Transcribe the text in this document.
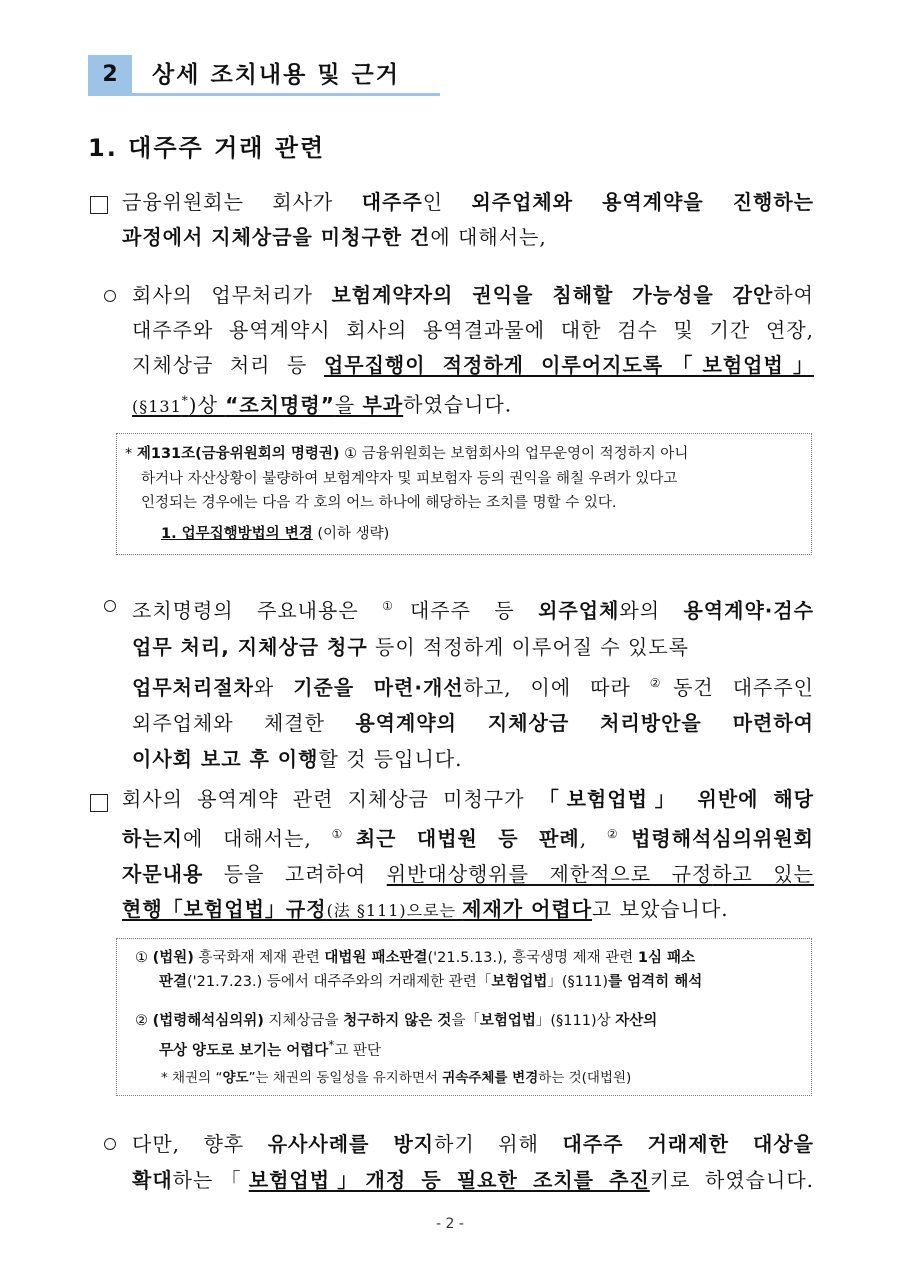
2	상세 조치내용 및 근거
1. 대주주 거래 관련
금융위원회는 회사가 대주주인 외주업체와 용역계약을 진행하는
과정에서 지체상금을 미청구한 건에 대해서는,
회사의 업무처리가 보험계약자의 권익을 침해할 가능성을 감안하여
대주주와 용역계약시 회사의 용역결과물에 대한 검수 및 기간 연장,
지체상금 처리 등 업무집행이 적정하게 이루어지도록「보험업법」
(§131*)상 “조치명령”을 부과하였습니다.
* 제131조(금융위원회의 명령권) ① 금융위원회는 보험회사의 업무운영이 적정하지 아니
하거나 자산상황이 불량하여 보험계약자 및 피보험자 등의 권익을 해칠 우려가 있다고
인정되는 경우에는 다음 각 호의 어느 하나에 해당하는 조치를 명할 수 있다.
1. 업무집행방법의 변경 (이하 생략)
조치명령의 주요내용은 ①대주주 등 외주업체와의 용역계약·검수
업무 처리, 지체상금 청구 등이 적정하게 이루어질 수 있도록
업무처리절차와 기준을 마련·개선하고, 이에 따라 ②동건 대주주인
외주업체와 체결한 용역계약의 지체상금 처리방안을 마련하여
이사회 보고 후 이행할 것 등입니다.
회사의 용역계약 관련 지체상금 미청구가 「보험업법」 위반에 해당
하는지에 대해서는, ①최근 대법원 등 판례, ②법령해석심의위원회
자문내용 등을 고려하여 위반대상행위를 제한적으로 규정하고 있는
현행「보험업법」규정(法 §111)으로는 제재가 어렵다고 보았습니다.
① (법원) 흥국화재 제재 관련 대법원 패소판결('21.5.13.), 흥국생명 제재 관련 1심 패소
판결('21.7.23.) 등에서 대주주와의 거래제한 관련「보험업법」(§111)를 엄격히 해석
② (법령해석심의위) 지체상금을 청구하지 않은 것을「보험업법」(§111)상 자산의
무상 양도로 보기는 어렵다*고 판단
* 채권의 “양도”는 채권의 동일성을 유지하면서 귀속주체를 변경하는 것(대법원)
다만, 향후 유사사례를 방지하기 위해 대주주 거래제한 대상을
확대하는「보험업법」개정 등 필요한 조치를 추진키로 하였습니다.
- 2 -
